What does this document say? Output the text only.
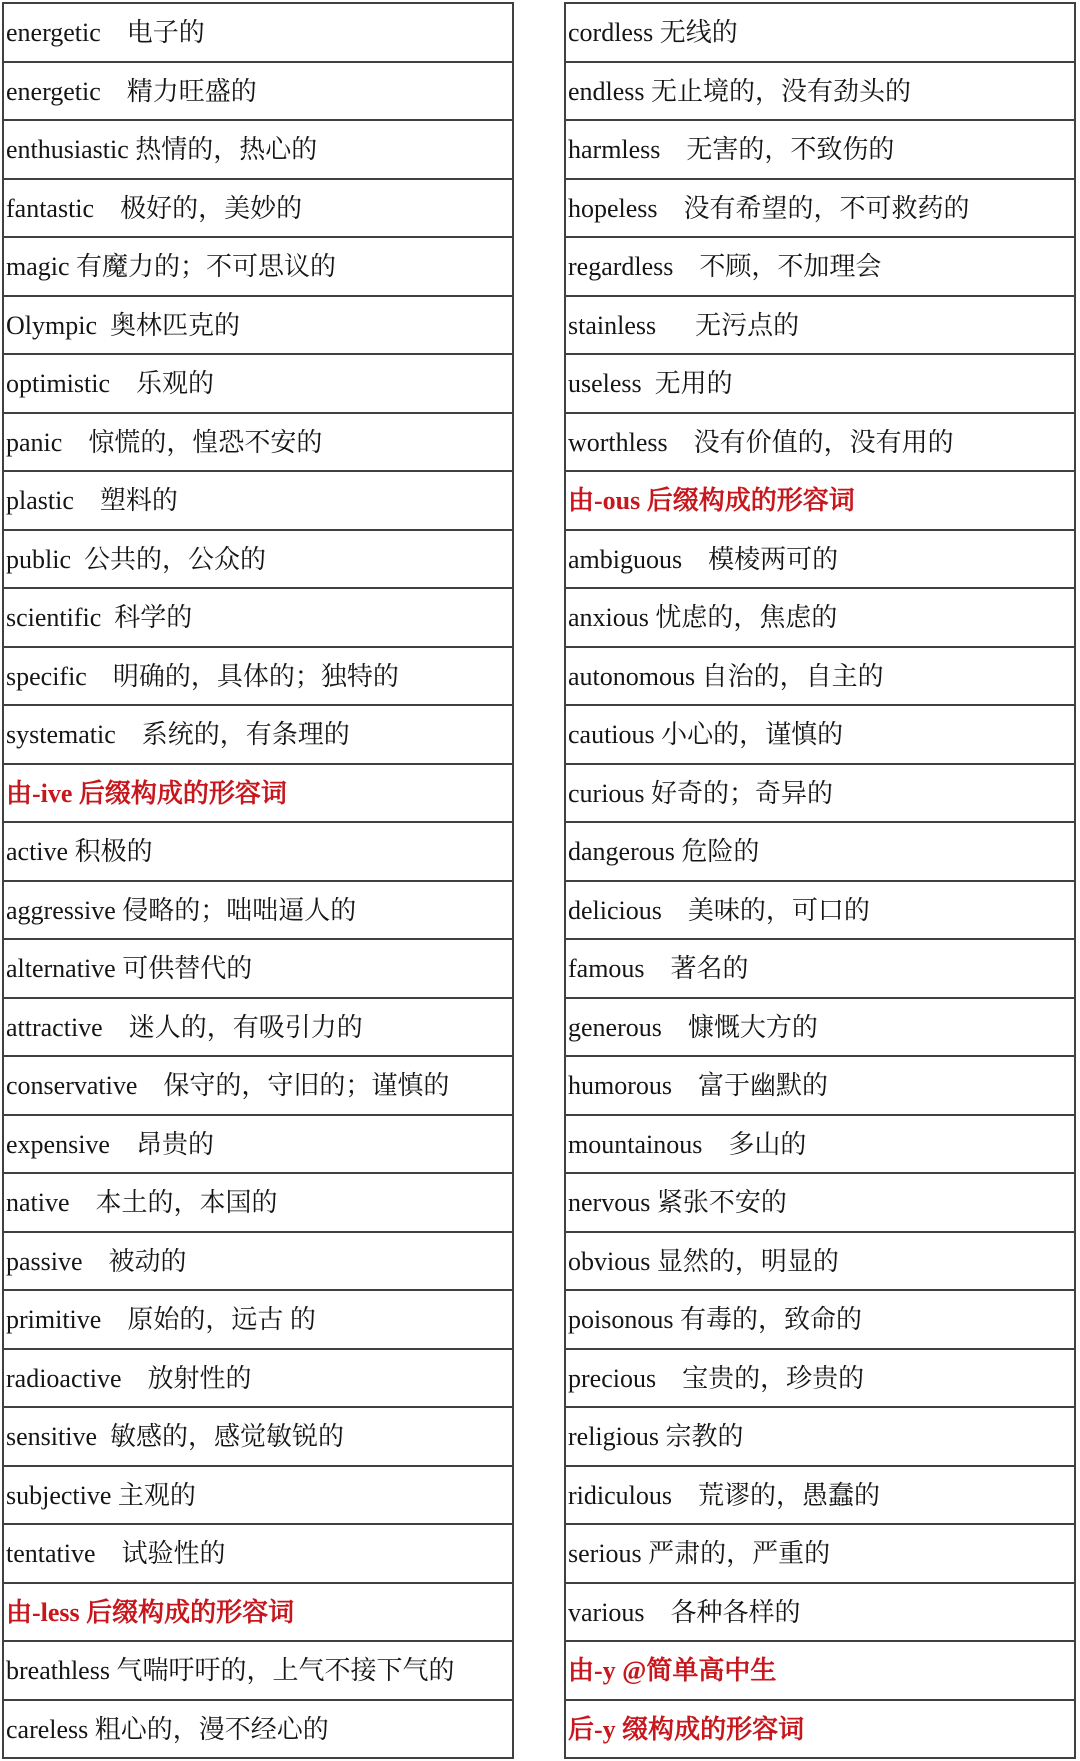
energetic 电子的
energetic 精力旺盛的
enthusiastic 热情的，热心的
fantastic 极好的，美妙的
magic 有魔力的；不可思议的
Olympic 奥林匹克的
optimistic 乐观的
panic 惊慌的，惶恐不安的
plastic 塑料的
public 公共的，公众的
scientific 科学的
specific 明确的，具体的；独特的
systematic 系统的，有条理的
由-ive 后缀构成的形容词
active 积极的
aggressive 侵略的；咄咄逼人的
alternative 可供替代的
attractive 迷人的，有吸引力的
conservative 保守的，守旧的；谨慎的
expensive 昂贵的
native 本土的，本国的
passive 被动的
primitive 原始的，远古 的
radioactive 放射性的
sensitive 敏感的，感觉敏锐的
subjective 主观的
tentative 试验性的
由-less 后缀构成的形容词
breathless 气喘吁吁的，上气不接下气的
careless 粗心的，漫不经心的
cordless 无线的
endless 无止境的，没有劲头的
harmless 无害的，不致伤的
hopeless 没有希望的，不可救药的
regardless 不顾，不加理会
stainless 无污点的
useless 无用的
worthless 没有价值的，没有用的
由-ous 后缀构成的形容词
ambiguous 模棱两可的
anxious 忧虑的，焦虑的
autonomous 自治的，自主的
cautious 小心的，谨慎的
curious 好奇的；奇异的
dangerous 危险的
delicious 美味的，可口的
famous 著名的
generous 慷慨大方的
humorous 富于幽默的
mountainous 多山的
nervous 紧张不安的
obvious 显然的，明显的
poisonous 有毒的，致命的
precious 宝贵的，珍贵的
religious 宗教的
ridiculous 荒谬的，愚蠢的
serious 严肃的，严重的
various 各种各样的
由-y @简单高中生
后-y 缀构成的形容词
